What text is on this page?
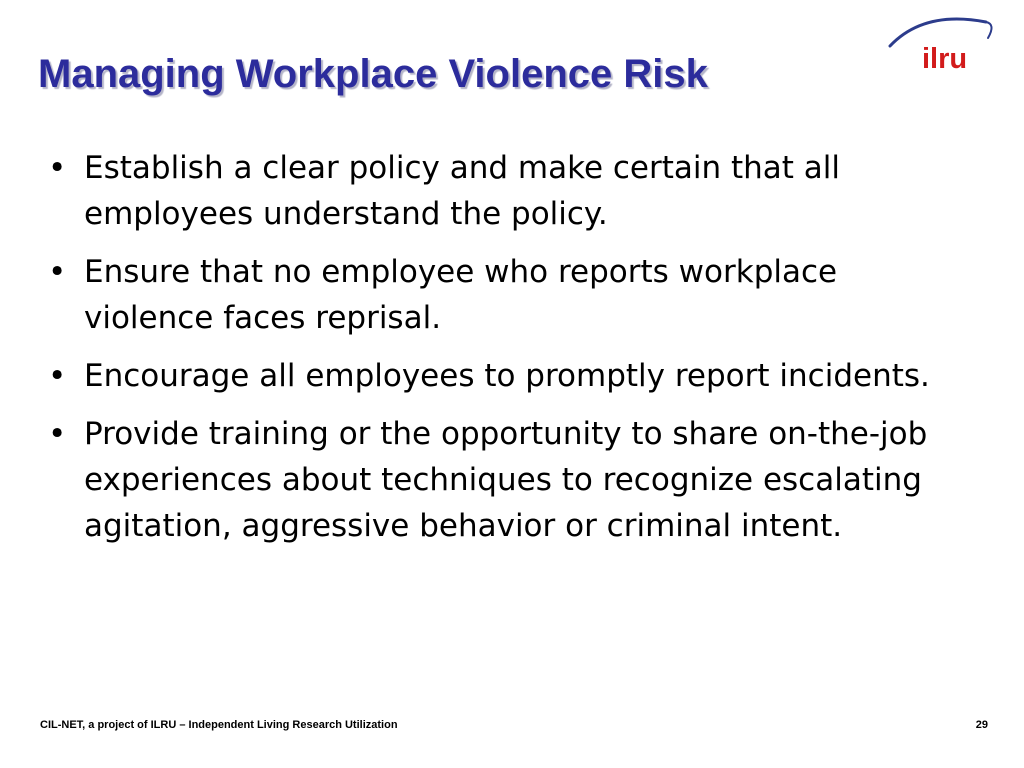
Managing Workplace Violence Risk	ilru
• Establish a clear policy and make certain that all employees understand the policy.
• Ensure that no employee who reports workplace violence faces reprisal.
• Encourage all employees to promptly report incidents.
• Provide training or the opportunity to share on-the-job experiences about techniques to recognize escalating agitation, aggressive behavior or criminal intent.
CIL-NET, a project of ILRU – Independent Living Research Utilization	29
